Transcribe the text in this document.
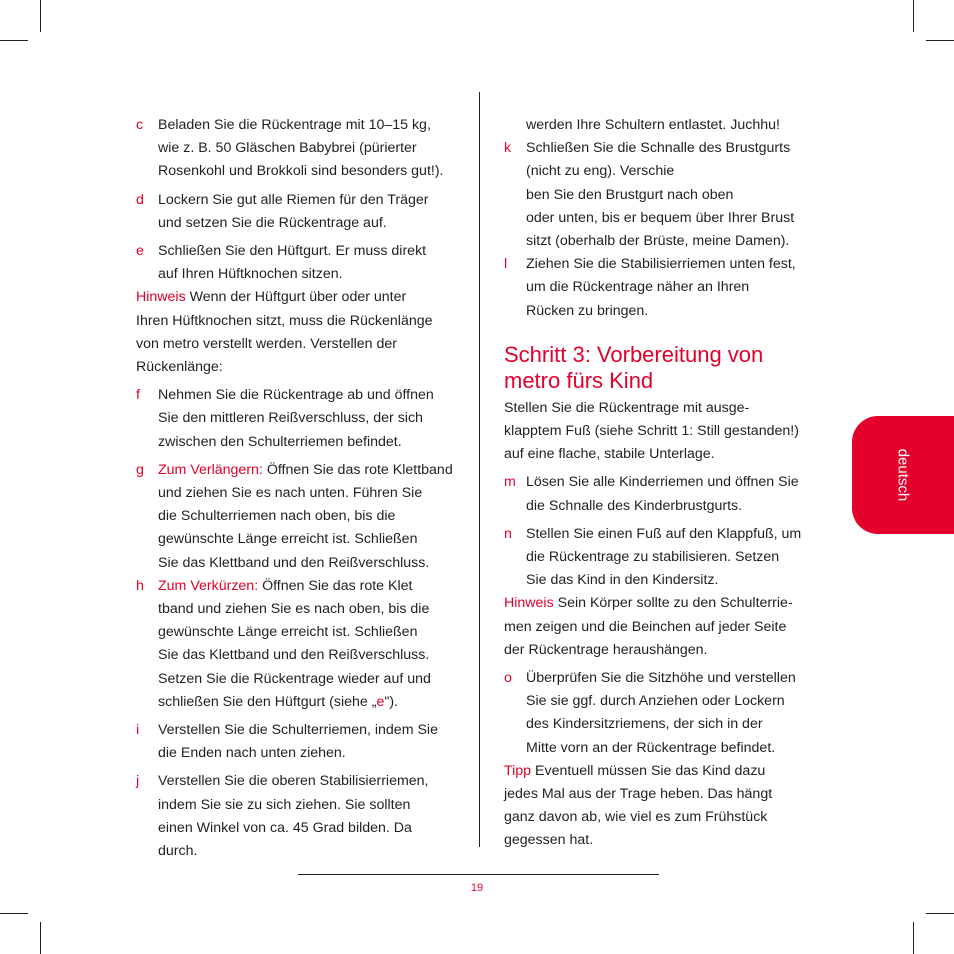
19
deutsch
c Beladen Sie die Rückentrage mit 10–15 kg,
wie z. B. 50 Gläschen Babybrei (pürierter
Rosenkohl und Brokkoli sind besonders gut!).
d Lockern Sie gut alle Riemen für den Träger
und setzen Sie die Rückentrage auf.
e Schließen Sie den Hüftgurt. Er muss direkt
auf Ihren Hüftknochen sitzen.
Hinweis Wenn der Hüftgurt über oder unter
Ihren Hüftknochen sitzt, muss die Rückenlänge
von metro verstellt werden. Verstellen der
Rückenlänge:
f Nehmen Sie die Rückentrage ab und öffnen
Sie den mittleren Reißverschluss, der sich
zwischen den Schulterriemen befindet.
g Zum Verlängern: Öffnen Sie das rote Klettband
und ziehen Sie es nach unten. Führen Sie
die Schulterriemen nach oben, bis die
gewünschte Länge erreicht ist. Schließen
Sie das Klettband und den Reißverschluss.
h Zum Verkürzen: Öffnen Sie das rote Klet
tband und ziehen Sie es nach oben, bis die
gewünschte Länge erreicht ist. Schließen
Sie das Klettband und den Reißverschluss.
Setzen Sie die Rückentrage wieder auf und
schließen Sie den Hüftgurt (siehe „e").
i Verstellen Sie die Schulterriemen, indem Sie
die Enden nach unten ziehen.
j Verstellen Sie die oberen Stabilisierriemen,
indem Sie sie zu sich ziehen. Sie sollten
einen Winkel von ca. 45 Grad bilden. Da
durch.
werden Ihre Schultern entlastet. Juchhu!
k Schließen Sie die Schnalle des Brustgurts
(nicht zu eng). Verschie
ben Sie den Brustgurt nach oben
oder unten, bis er bequem über Ihrer Brust
sitzt (oberhalb der Brüste, meine Damen).
l Ziehen Sie die Stabilisierriemen unten fest,
um die Rückentrage näher an Ihren
Rücken zu bringen.
Schritt 3: Vorbereitung von
metro fürs Kind
Stellen Sie die Rückentrage mit ausge-
klapptem Fuß (siehe Schritt 1: Still gestanden!)
auf eine flache, stabile Unterlage.
m Lösen Sie alle Kinderriemen und öffnen Sie
die Schnalle des Kinderbrustgurts.
n Stellen Sie einen Fuß auf den Klappfuß, um
die Rückentrage zu stabilisieren. Setzen
Sie das Kind in den Kindersitz.
Hinweis Sein Körper sollte zu den Schulterrie-
men zeigen und die Beinchen auf jeder Seite
der Rückentrage heraushängen.
o Überprüfen Sie die Sitzhöhe und verstellen
Sie sie ggf. durch Anziehen oder Lockern
des Kindersitzriemens, der sich in der
Mitte vorn an der Rückentrage befindet.
Tipp Eventuell müssen Sie das Kind dazu
jedes Mal aus der Trage heben. Das hängt
ganz davon ab, wie viel es zum Frühstück
gegessen hat.
